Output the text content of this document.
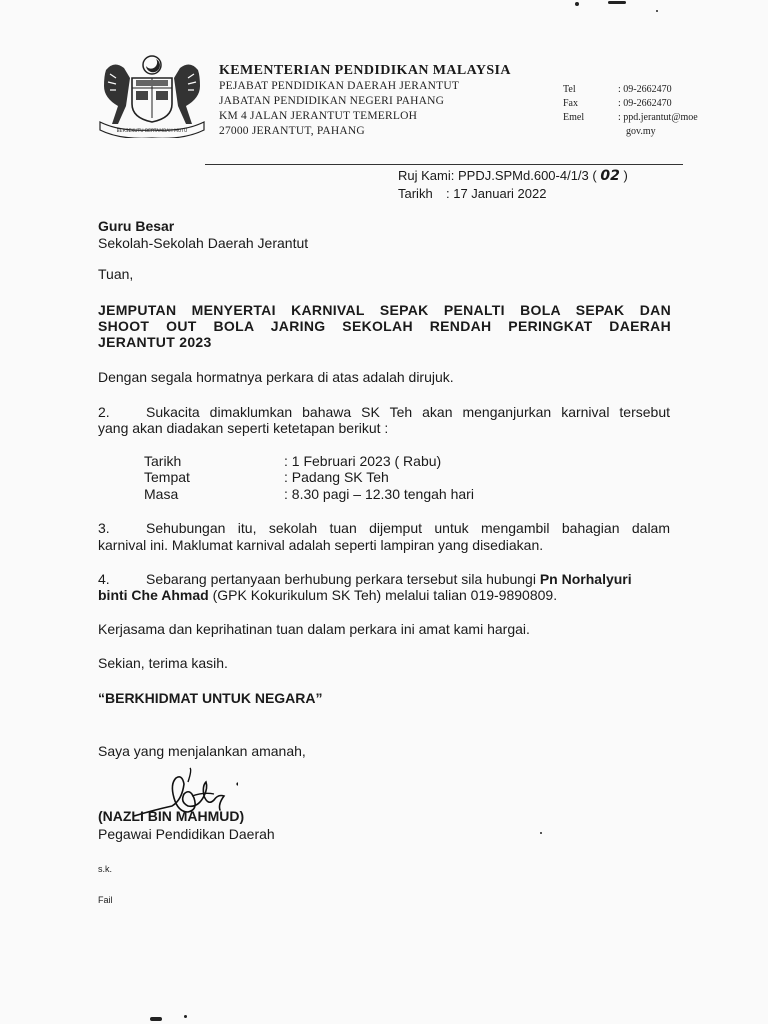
BERSEKUTU BERTAMBAH MUTU
KEMENTERIAN PENDIDIKAN MALAYSIA
PEJABAT PENDIDIKAN DAERAH JERANTUT
JABATAN PENDIDIKAN NEGERI PAHANG
KM 4 JALAN JERANTUT TEMERLOH
27000 JERANTUT, PAHANG
Tel	: 09-2662470
Fax	: 09-2662470
Emel	: ppd.jerantut@moe
gov.my
Ruj Kami: PPDJ.SPMd.600-4/1/3 ( 02 )
Tarikh : 17 Januari 2022
Guru Besar
Sekolah-Sekolah Daerah Jerantut
Tuan,
JEMPUTAN MENYERTAI KARNIVAL SEPAK PENALTI BOLA SEPAK DAN
SHOOT OUT BOLA JARING SEKOLAH RENDAH PERINGKAT DAERAH
JERANTUT 2023
Dengan segala hormatnya perkara di atas adalah dirujuk.
2.	Sukacita dimaklumkan bahawa SK Teh akan menganjurkan karnival tersebut
yang akan diadakan seperti ketetapan berikut :
Tarikh	: 1 Februari 2023 ( Rabu)
Tempat	: Padang SK Teh
Masa	: 8.30 pagi – 12.30 tengah hari
3.	Sehubungan itu, sekolah tuan dijemput untuk mengambil bahagian dalam
karnival ini. Maklumat karnival adalah seperti lampiran yang disediakan.
4.	Sebarang pertanyaan berhubung perkara tersebut sila hubungi Pn Norhalyuri
binti Che Ahmad (GPK Kokurikulum SK Teh) melalui talian 019-9890809.
Kerjasama dan keprihatinan tuan dalam perkara ini amat kami hargai.
Sekian, terima kasih.
“BERKHIDMAT UNTUK NEGARA”
Saya yang menjalankan amanah,
(NAZLI BIN MAHMUD)
Pegawai Pendidikan Daerah
s.k.
Fail
